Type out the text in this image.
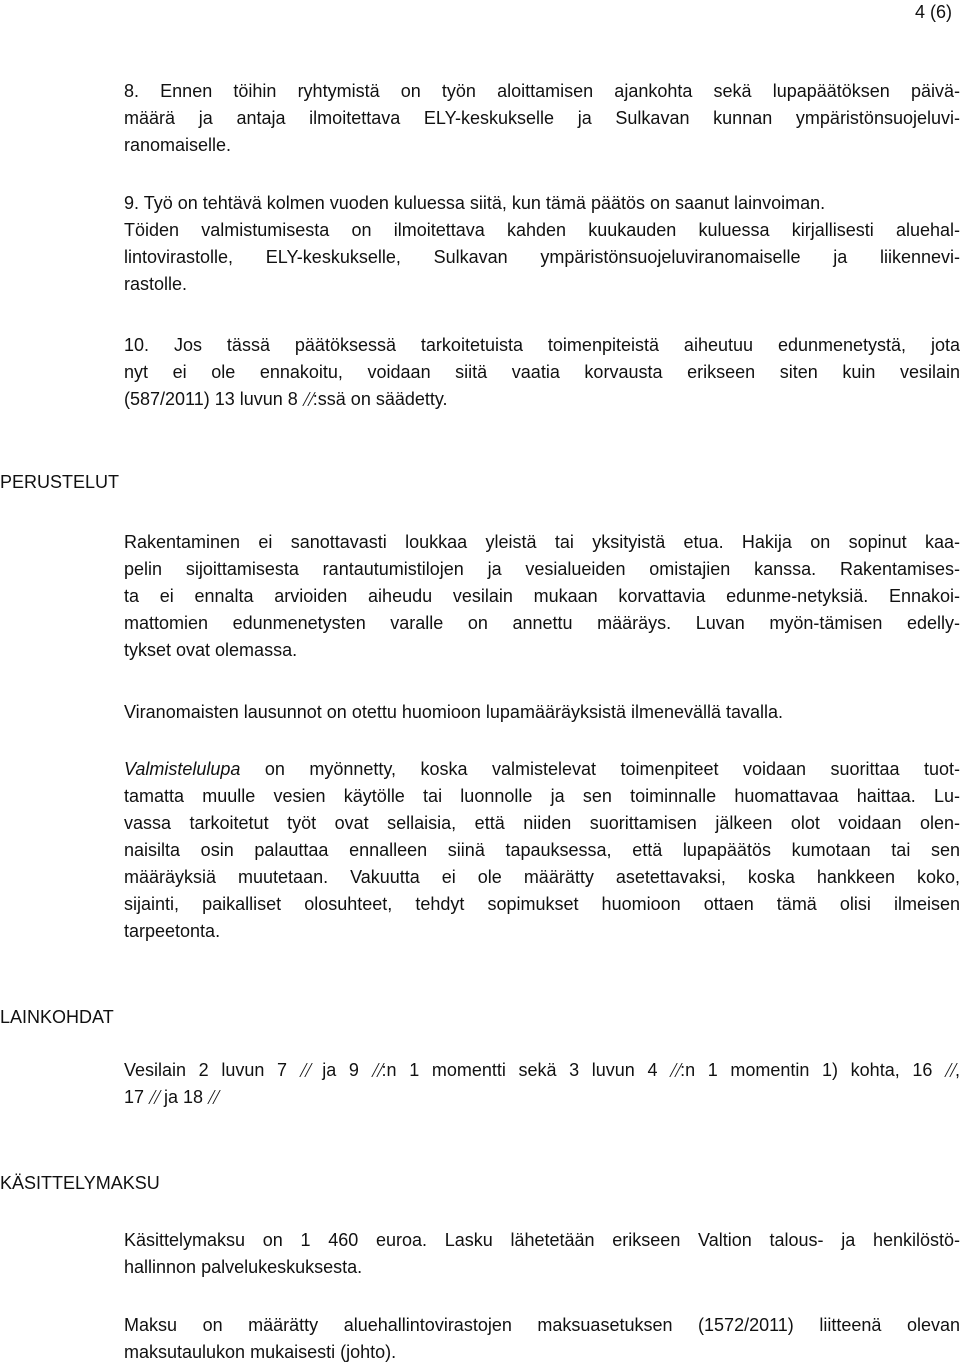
4 (6)
8. Ennen töihin ryhtymistä on työn aloittamisen ajankohta sekä lupapäätöksen päivä-
määrä ja antaja ilmoitettava ELY-keskukselle ja Sulkavan kunnan ympäristönsuojeluvi-
ranomaiselle.
9. Työ on tehtävä kolmen vuoden kuluessa siitä, kun tämä päätös on saanut lainvoiman.
Töiden valmistumisesta on ilmoitettava kahden kuukauden kuluessa kirjallisesti aluehal-
lintovirastolle, ELY-keskukselle, Sulkavan ympäristönsuojeluviranomaiselle ja liikennevi-
rastolle.
10. Jos tässä päätöksessä tarkoitetuista toimenpiteistä aiheutuu edunmenetystä, jota
nyt ei ole ennakoitu, voidaan siitä vaatia korvausta erikseen siten kuin vesilain
(587/2011) 13 luvun 8 :ssä on säädetty.
PERUSTELUT
Rakentaminen ei sanottavasti loukkaa yleistä tai yksityistä etua. Hakija on sopinut kaa-
pelin sijoittamisesta rantautumistilojen ja vesialueiden omistajien kanssa. Rakentamises-
ta ei ennalta arvioiden aiheudu vesilain mukaan korvattavia edunme-netyksiä. Ennakoi-
mattomien edunmenetysten varalle on annettu määräys. Luvan myön-tämisen edelly-
tykset ovat olemassa.
Viranomaisten lausunnot on otettu huomioon lupamääräyksistä ilmenevällä tavalla.
Valmistelulupa on myönnetty, koska valmistelevat toimenpiteet voidaan suorittaa tuot-
tamatta muulle vesien käytölle tai luonnolle ja sen toiminnalle huomattavaa haittaa. Lu-
vassa tarkoitetut työt ovat sellaisia, että niiden suorittamisen jälkeen olot voidaan olen-
naisilta osin palauttaa ennalleen siinä tapauksessa, että lupapäätös kumotaan tai sen
määräyksiä muutetaan. Vakuutta ei ole määrätty asetettavaksi, koska hankkeen koko,
sijainti, paikalliset olosuhteet, tehdyt sopimukset huomioon ottaen tämä olisi ilmeisen
tarpeetonta.
LAINKOHDAT
Vesilain 2 luvun 7  ja 9 :n 1 momentti sekä 3 luvun 4 :n 1 momentin 1) kohta, 16 ,
17  ja 18
KÄSITTELYMAKSU
Käsittelymaksu on 1 460 euroa. Lasku lähetetään erikseen Valtion talous- ja henkilöstö-
hallinnon palvelukeskuksesta.
Maksu on määrätty aluehallintovirastojen maksuasetuksen (1572/2011) liitteenä olevan
maksutaulukon mukaisesti (johto).
